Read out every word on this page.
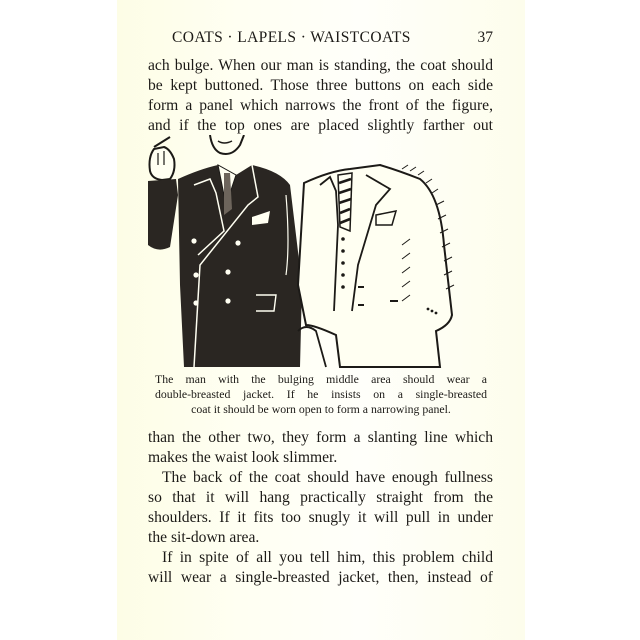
COATS · LAPELS · WAISTCOATS	37
ach bulge. When our man is standing, the coat should
be kept buttoned. Those three buttons on each side
form a panel which narrows the front of the figure,
and if the top ones are placed slightly farther out
The man with the bulging middle area should wear a
double-breasted jacket. If he insists on a single-breasted
coat it should be worn open to form a narrowing panel.
than the other two, they form a slanting line which
makes the waist look slimmer.
The back of the coat should have enough fullness
so that it will hang practically straight from the
shoulders. If it fits too snugly it will pull in under
the sit-down area.
If in spite of all you tell him, this problem child
will wear a single-breasted jacket, then, instead of
